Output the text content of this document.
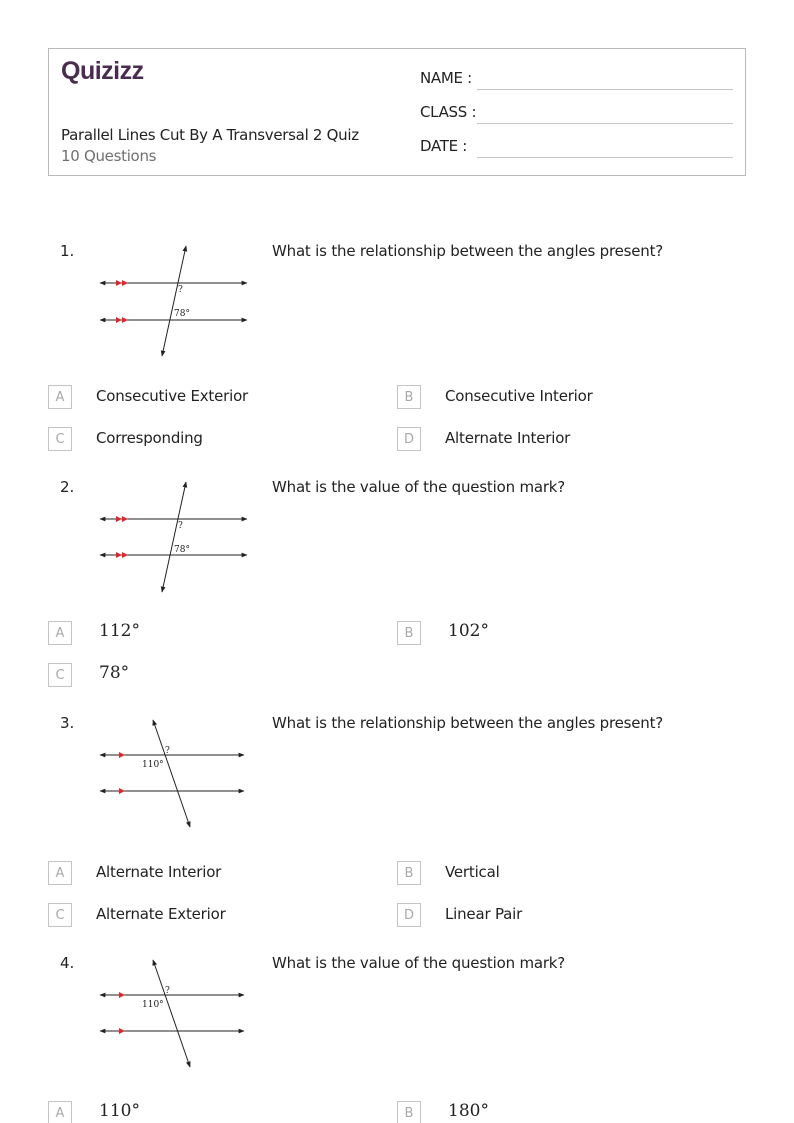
Quizizz
Parallel Lines Cut By A Transversal 2 Quiz
10 Questions
NAME :
CLASS :
DATE :
1.	What is the relationship between the angles present?
?
78°
A	Consecutive Exterior	B	Consecutive Interior
C	Corresponding	D	Alternate Interior
2.	What is the value of the question mark?
?
78°
A	112°	B	102°
C	78°
3.	What is the relationship between the angles present?
?
110°
A	Alternate Interior	B	Vertical
C	Alternate Exterior	D	Linear Pair
4.	What is the value of the question mark?
?
110°
A	110°	B	180°
